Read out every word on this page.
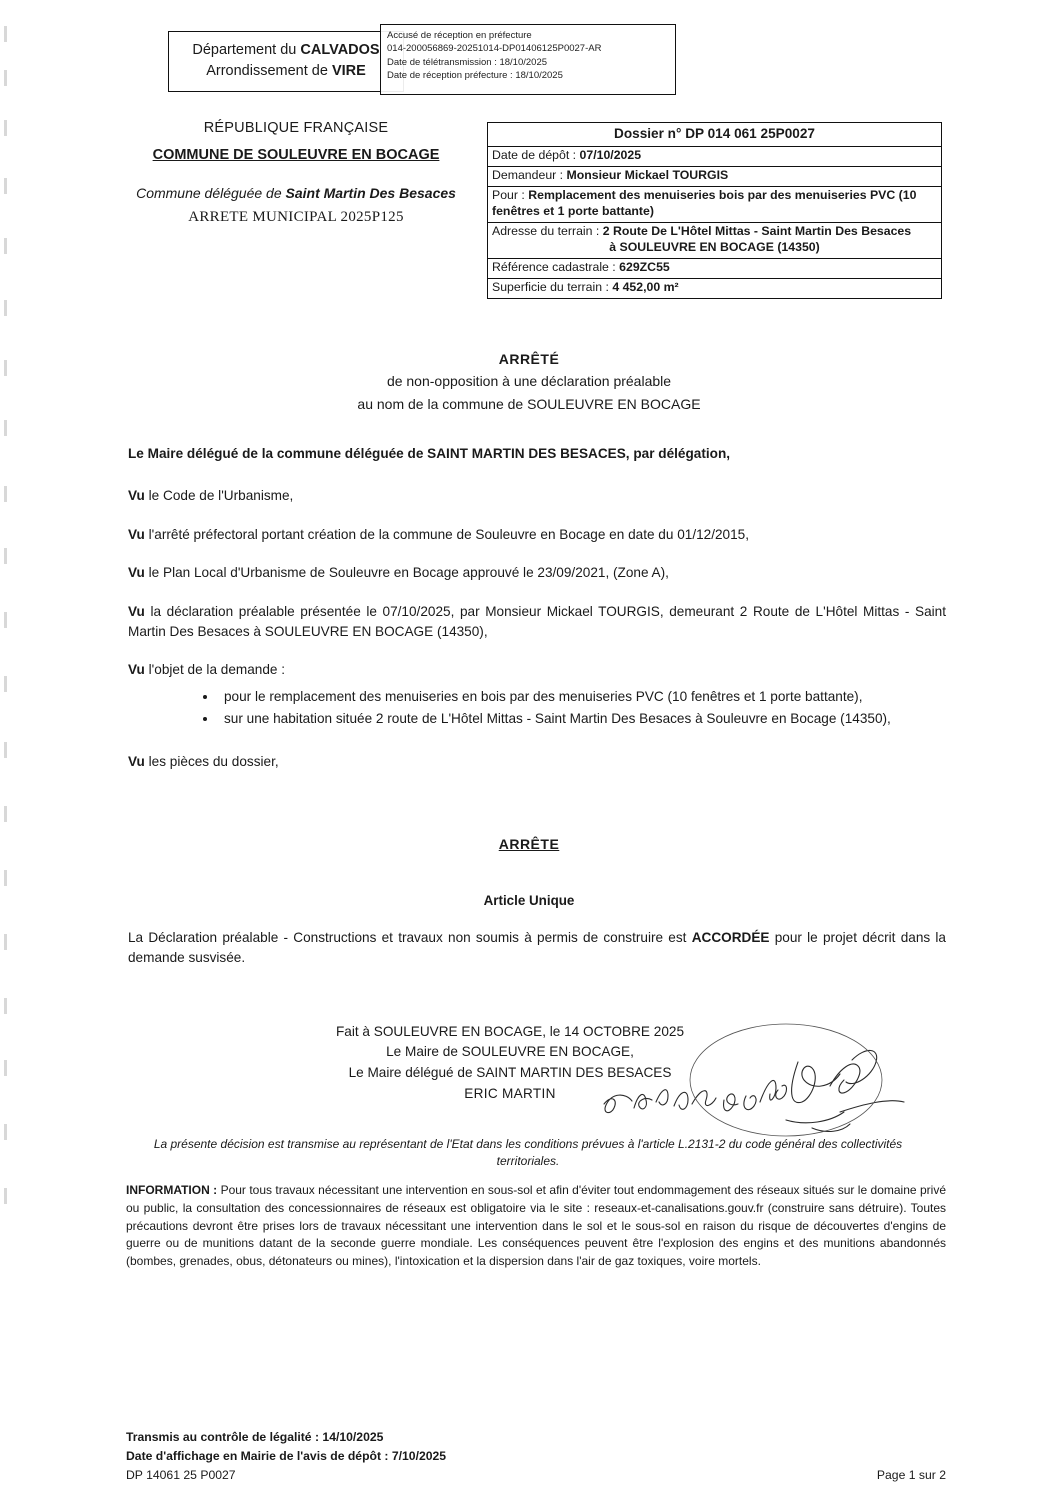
Département du CALVADOS
Arrondissement de VIRE
Accusé de réception en préfecture
014-200056869-20251014-DP01406125P0027-AR
Date de télétransmission : 18/10/2025
Date de réception préfecture : 18/10/2025
RÉPUBLIQUE FRANÇAISE
COMMUNE DE SOULEUVRE EN BOCAGE
Commune déléguée de Saint Martin Des Besaces
ARRETE MUNICIPAL 2025P125
Dossier n° DP 014 061 25P0027
Date de dépôt : 07/10/2025
Demandeur : Monsieur Mickael TOURGIS
Pour : Remplacement des menuiseries bois par des menuiseries PVC (10 fenêtres et 1 porte battante)
Adresse du terrain : 2 Route De L'Hôtel Mittas - Saint Martin Des Besaces
à SOULEUVRE EN BOCAGE (14350)
Référence cadastrale : 629ZC55
Superficie du terrain : 4 452,00 m²
ARRÊTÉ
de non-opposition à une déclaration préalable
au nom de la commune de SOULEUVRE EN BOCAGE

Le Maire délégué de la commune déléguée de SAINT MARTIN DES BESACES, par délégation,

Vu le Code de l'Urbanisme,

Vu l'arrêté préfectoral portant création de la commune de Souleuvre en Bocage en date du 01/12/2015,

Vu le Plan Local d'Urbanisme de Souleuvre en Bocage approuvé le 23/09/2021, (Zone A),

Vu la déclaration préalable présentée le 07/10/2025, par Monsieur Mickael TOURGIS, demeurant 2 Route de L'Hôtel Mittas - Saint Martin Des Besaces à SOULEUVRE EN BOCAGE (14350),

Vu l'objet de la demande :

• pour le remplacement des menuiseries en bois par des menuiseries PVC (10 fenêtres et 1 porte battante),
• sur une habitation située 2 route de L'Hôtel Mittas - Saint Martin Des Besaces à Souleuvre en Bocage (14350),

Vu les pièces du dossier,

ARRÊTE
Article Unique
La Déclaration préalable - Constructions et travaux non soumis à permis de construire est ACCORDÉE pour le projet décrit dans la demande susvisée.
Fait à SOULEUVRE EN BOCAGE, le 14 OCTOBRE 2025
Le Maire de SOULEUVRE EN BOCAGE,
Le Maire délégué de SAINT MARTIN DES BESACES
ERIC MARTIN
La présente décision est transmise au représentant de l'Etat dans les conditions prévues à l'article L.2131-2 du code général des collectivités territoriales.
INFORMATION : Pour tous travaux nécessitant une intervention en sous-sol et afin d'éviter tout endommagement des réseaux situés sur le domaine privé ou public, la consultation des concessionnaires de réseaux est obligatoire via le site : reseaux-et-canalisations.gouv.fr (construire sans détruire). Toutes précautions devront être prises lors de travaux nécessitant une intervention dans le sol et le sous-sol en raison du risque de découvertes d'engins de guerre ou de munitions datant de la seconde guerre mondiale. Les conséquences peuvent être l'explosion des engins et des munitions abandonnés (bombes, grenades, obus, détonateurs ou mines), l'intoxication et la dispersion dans l'air de gaz toxiques, voire mortels.
Transmis au contrôle de légalité : 14/10/2025
Date d'affichage en Mairie de l'avis de dépôt : 7/10/2025
DP 14061 25 P0027	Page 1 sur 2
